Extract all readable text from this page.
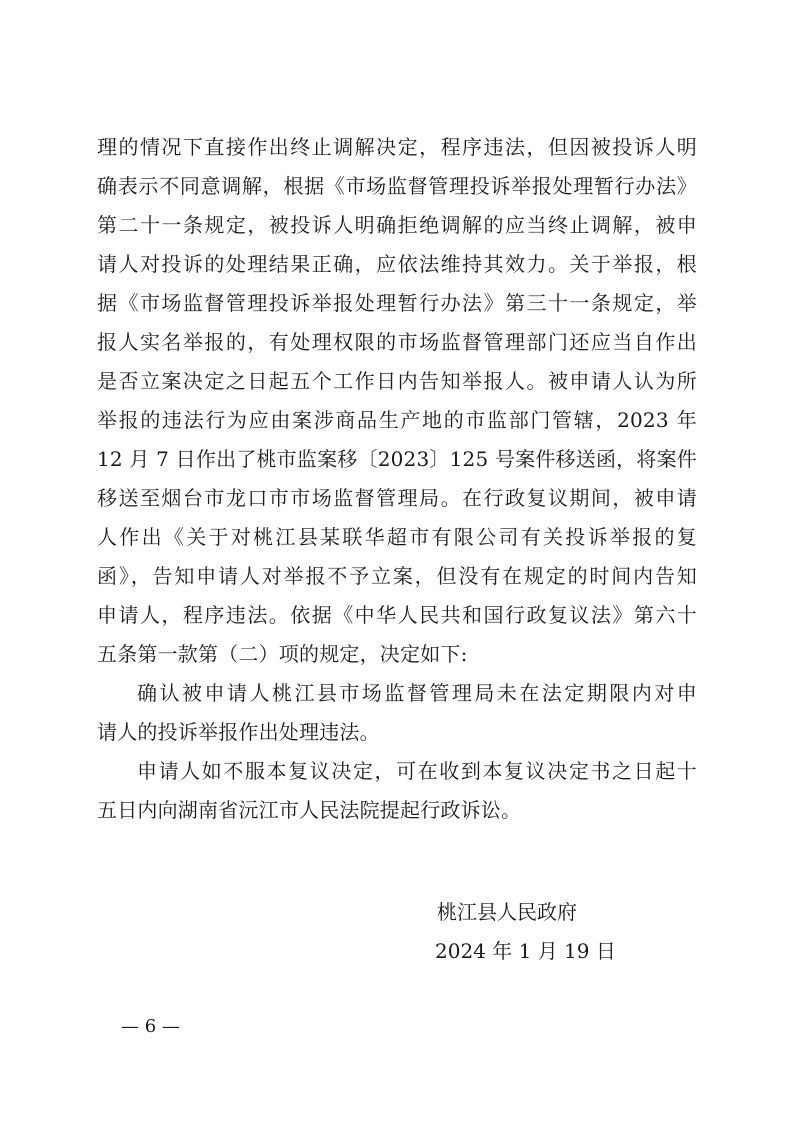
理的情况下直接作出终止调解决定，程序违法，但因被投诉人明
确表示不同意调解，根据《市场监督管理投诉举报处理暂行办法》
第二十一条规定，被投诉人明确拒绝调解的应当终止调解，被申
请人对投诉的处理结果正确，应依法维持其效力。关于举报，根
据《市场监督管理投诉举报处理暂行办法》第三十一条规定，举
报人实名举报的，有处理权限的市场监督管理部门还应当自作出
是否立案决定之日起五个工作日内告知举报人。被申请人认为所
举报的违法行为应由案涉商品生产地的市监部门管辖，2023 年
12 月 7 日作出了桃市监案移〔2023〕125 号案件移送函，将案件
移送至烟台市龙口市市场监督管理局。在行政复议期间，被申请
人作出《关于对桃江县某联华超市有限公司有关投诉举报的复
函》，告知申请人对举报不予立案，但没有在规定的时间内告知
申请人，程序违法。依据《中华人民共和国行政复议法》第六十
五条第一款第（二）项的规定，决定如下:
确认被申请人桃江县市场监督管理局未在法定期限内对申
请人的投诉举报作出处理违法。
申请人如不服本复议决定，可在收到本复议决定书之日起十
五日内向湖南省沅江市人民法院提起行政诉讼。
桃江县人民政府
2024 年 1 月 19 日
— 6 —
